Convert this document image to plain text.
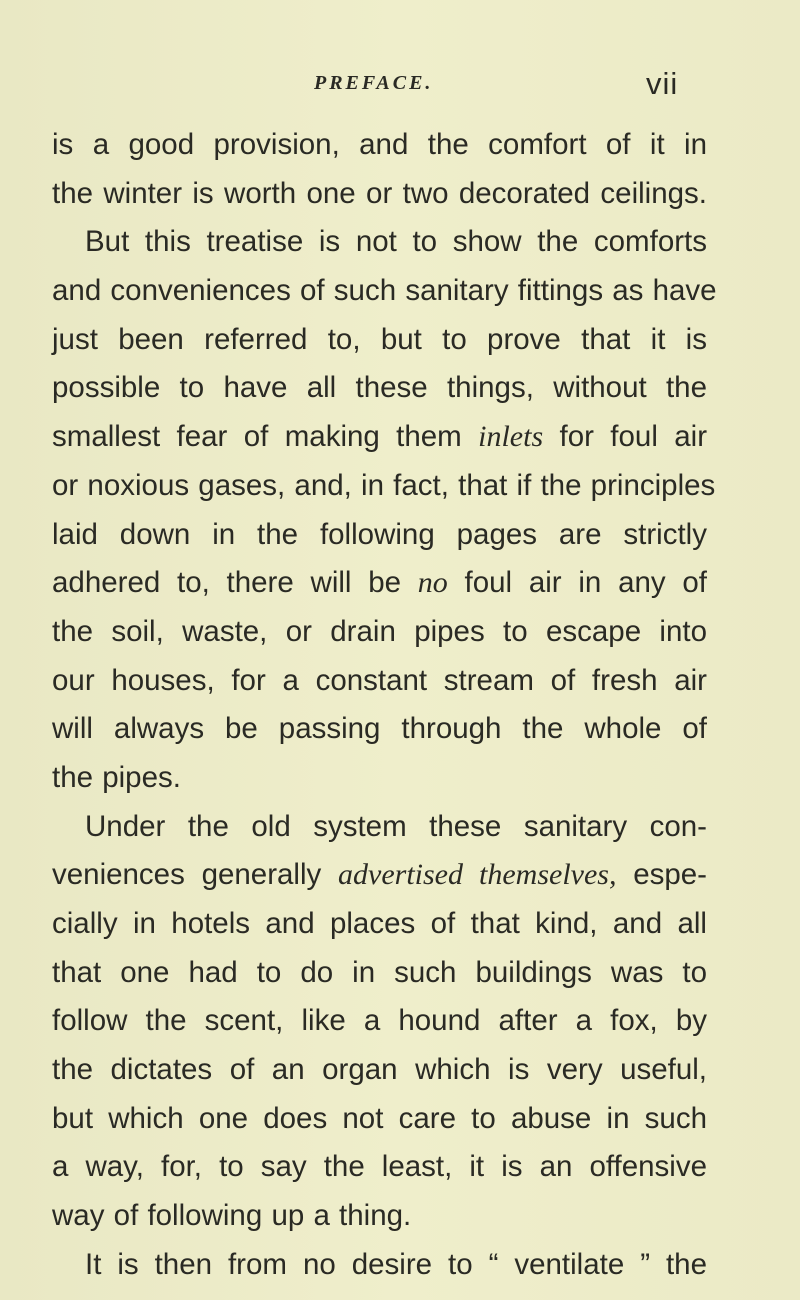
PREFACE.	vii
is a good provision, and the comfort of it in
the winter is worth one or two decorated ceilings.
But this treatise is not to show the comforts
and conveniences of such sanitary fittings as have
just been referred to, but to prove that it is
possible to have all these things, without the
smallest fear of making them inlets for foul air
or noxious gases, and, in fact, that if the principles
laid down in the following pages are strictly
adhered to, there will be no foul air in any of
the soil, waste, or drain pipes to escape into
our houses, for a constant stream of fresh air
will always be passing through the whole of
the pipes.
Under the old system these sanitary con-
veniences generally advertised themselves, espe-
cially in hotels and places of that kind, and all
that one had to do in such buildings was to
follow the scent, like a hound after a fox, by
the dictates of an organ which is very useful,
but which one does not care to abuse in such
a way, for, to say the least, it is an offensive
way of following up a thing.
It is then from no desire to “ ventilate ” the
